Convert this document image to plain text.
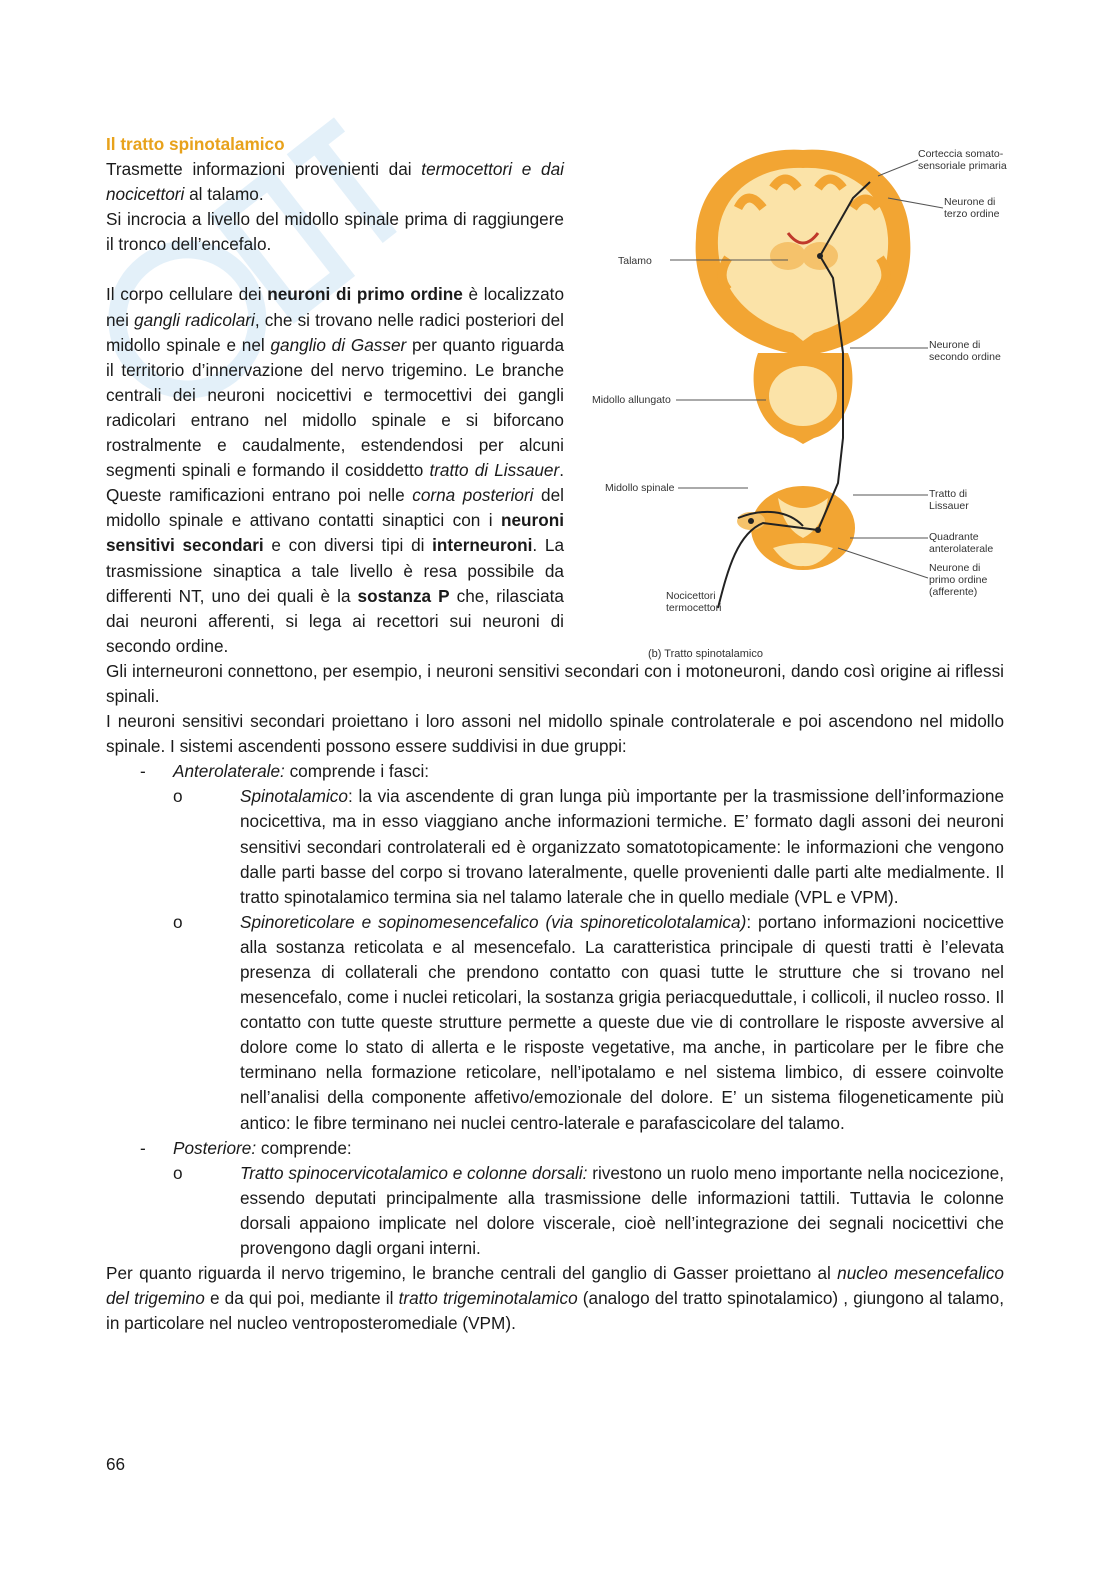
Il tratto spinotalamico

Trasmette informazioni provenienti dai termocettori e dai nocicettori al talamo.

Si incrocia a livello del midollo spinale prima di raggiungere il tronco dell’encefalo.

Il corpo cellulare dei neuroni di primo ordine è localizzato nei gangli radicolari, che si trovano nelle radici posteriori del midollo spinale e nel ganglio di Gasser per quanto riguarda il territorio d’innervazione del nervo trigemino. Le branche centrali dei neuroni nocicettivi e termocettivi dei gangli radicolari entrano nel midollo spinale e si biforcano rostralmente e caudalmente, estendendosi per alcuni segmenti spinali e formando il cosiddetto tratto di Lissauer. Queste ramificazioni entrano poi nelle corna posteriori del midollo spinale e attivano contatti sinaptici con i neuroni sensitivi secondari e con diversi tipi di interneuroni. La trasmissione sinaptica a tale livello è resa possibile da differenti NT, uno dei quali è la sostanza P che, rilasciata dai neuroni afferenti, si lega ai recettori sui neuroni di secondo ordine.

Gli interneuroni connettono, per esempio, i neuroni sensitivi secondari con i motoneuroni, dando così origine ai riflessi spinali.

I neuroni sensitivi secondari proiettano i loro assoni nel midollo spinale controlaterale e poi ascendono nel midollo spinale. I sistemi ascendenti possono essere suddivisi in due gruppi:

- Anterolaterale: comprende i fasci:
o	Spinotalamico: la via ascendente di gran lunga più importante per la trasmissione dell’informazione nocicettiva, ma in esso viaggiano anche informazioni termiche. E’ formato dagli assoni dei neuroni sensitivi secondari controlaterali ed è organizzato somatotopicamente: le informazioni che vengono dalle parti basse del corpo si trovano lateralmente, quelle provenienti dalle parti alte medialmente. Il tratto spinotalamico termina sia nel talamo laterale che in quello mediale (VPL e VPM).
o	Spinoreticolare e sopinomesencefalico (via spinoreticolotalamica): portano informazioni nocicettive alla sostanza reticolata e al mesencefalo. La caratteristica principale di questi tratti è l’elevata presenza di collaterali che prendono contatto con quasi tutte le strutture che si trovano nel mesencefalo, come i nuclei reticolari, la sostanza grigia periacqueduttale, i collicoli, il nucleo rosso. Il contatto con tutte queste strutture permette a queste due vie di controllare le risposte avversive al dolore come lo stato di allerta e le risposte vegetative, ma anche, in particolare per le fibre che terminano nella formazione reticolare, nell’ipotalamo e nel sistema limbico, di essere coinvolte nell’analisi della componente affetivo/emozionale del dolore. E’ un sistema filogeneticamente più antico: le fibre terminano nei nuclei centro-laterale e parafascicolare del talamo.
- Posteriore: comprende:
o	Tratto spinocervicotalamico e colonne dorsali: rivestono un ruolo meno importante nella nocicezione, essendo deputati principalmente alla trasmissione delle informazioni tattili. Tuttavia le colonne dorsali appaiono implicate nel dolore viscerale, cioè nell’integrazione dei segnali nocicettivi che provengono dagli organi interni.

Per quanto riguarda il nervo trigemino, le branche centrali del ganglio di Gasser proiettano al nucleo mesencefalico del trigemino e da qui poi, mediante il tratto trigeminotalamico (analogo del tratto spinotalamico) , giungono al talamo, in particolare nel nucleo ventroposteromediale (VPM).

Corteccia somato-
sensoriale primaria
Neurone di
terzo ordine
Talamo
Neurone di
secondo ordine
Midollo allungato
Midollo spinale	Tratto di
Lissauer
Quadrante
anterolaterale
Neurone di
primo ordine
(afferente)
Nocicettori
termocettori
(b) Tratto spinotalamico
66
